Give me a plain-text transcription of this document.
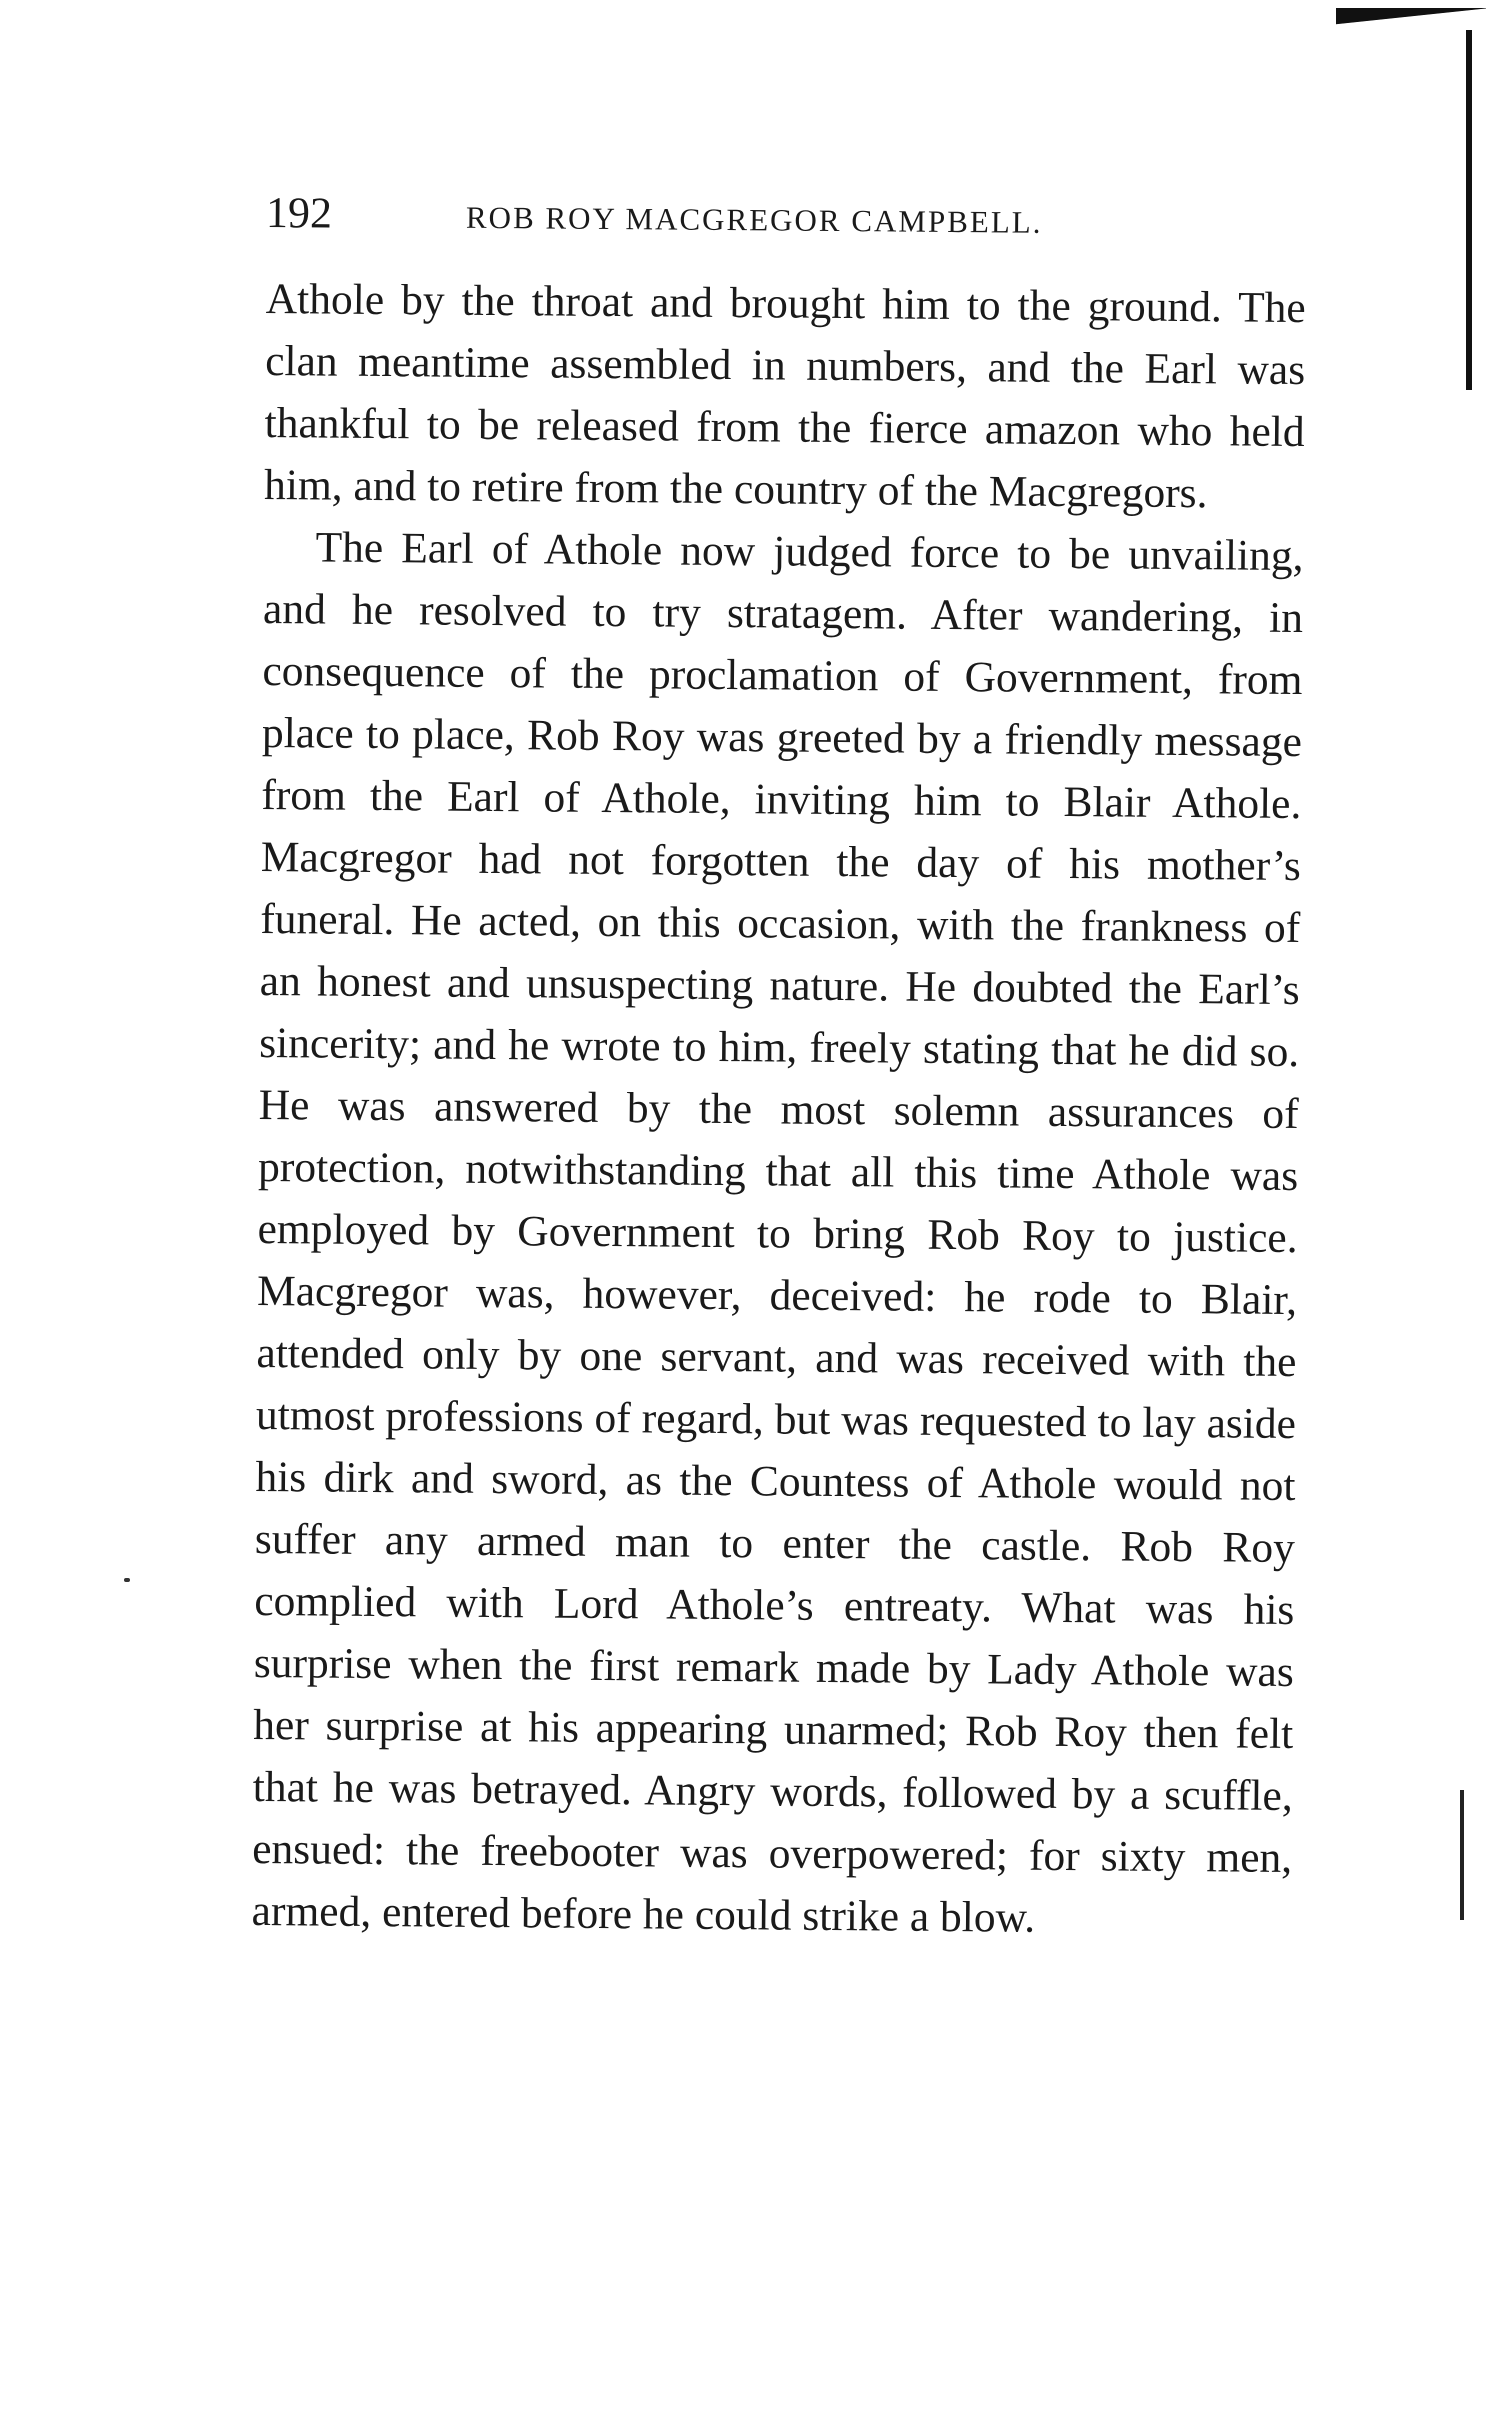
192	ROB ROY MACGREGOR CAMPBELL.

Athole by the throat and brought him to the ground. The clan meantime assembled in numbers, and the Earl was thankful to be released from the fierce amazon who held him, and to retire from the country of the Macgregors.

The Earl of Athole now judged force to be unvailing, and he resolved to try stratagem. After wandering, in consequence of the proclamation of Government, from place to place, Rob Roy was greeted by a friendly message from the Earl of Athole, inviting him to Blair Athole. Macgregor had not forgotten the day of his mother’s funeral. He acted, on this occasion, with the frankness of an honest and unsuspecting nature. He doubted the Earl’s sincerity; and he wrote to him, freely stating that he did so. He was answered by the most solemn assurances of protection, notwithstanding that all this time Athole was employed by Government to bring Rob Roy to justice. Macgregor was, however, deceived: he rode to Blair, attended only by one servant, and was received with the utmost professions of regard, but was requested to lay aside his dirk and sword, as the Countess of Athole would not suffer any armed man to enter the castle. Rob Roy complied with Lord Athole’s entreaty. What was his surprise when the first remark made by Lady Athole was her surprise at his appearing unarmed; Rob Roy then felt that he was betrayed. Angry words, followed by a scuffle, ensued: the freebooter was overpowered; for sixty men, armed, entered before he could strike a blow.
